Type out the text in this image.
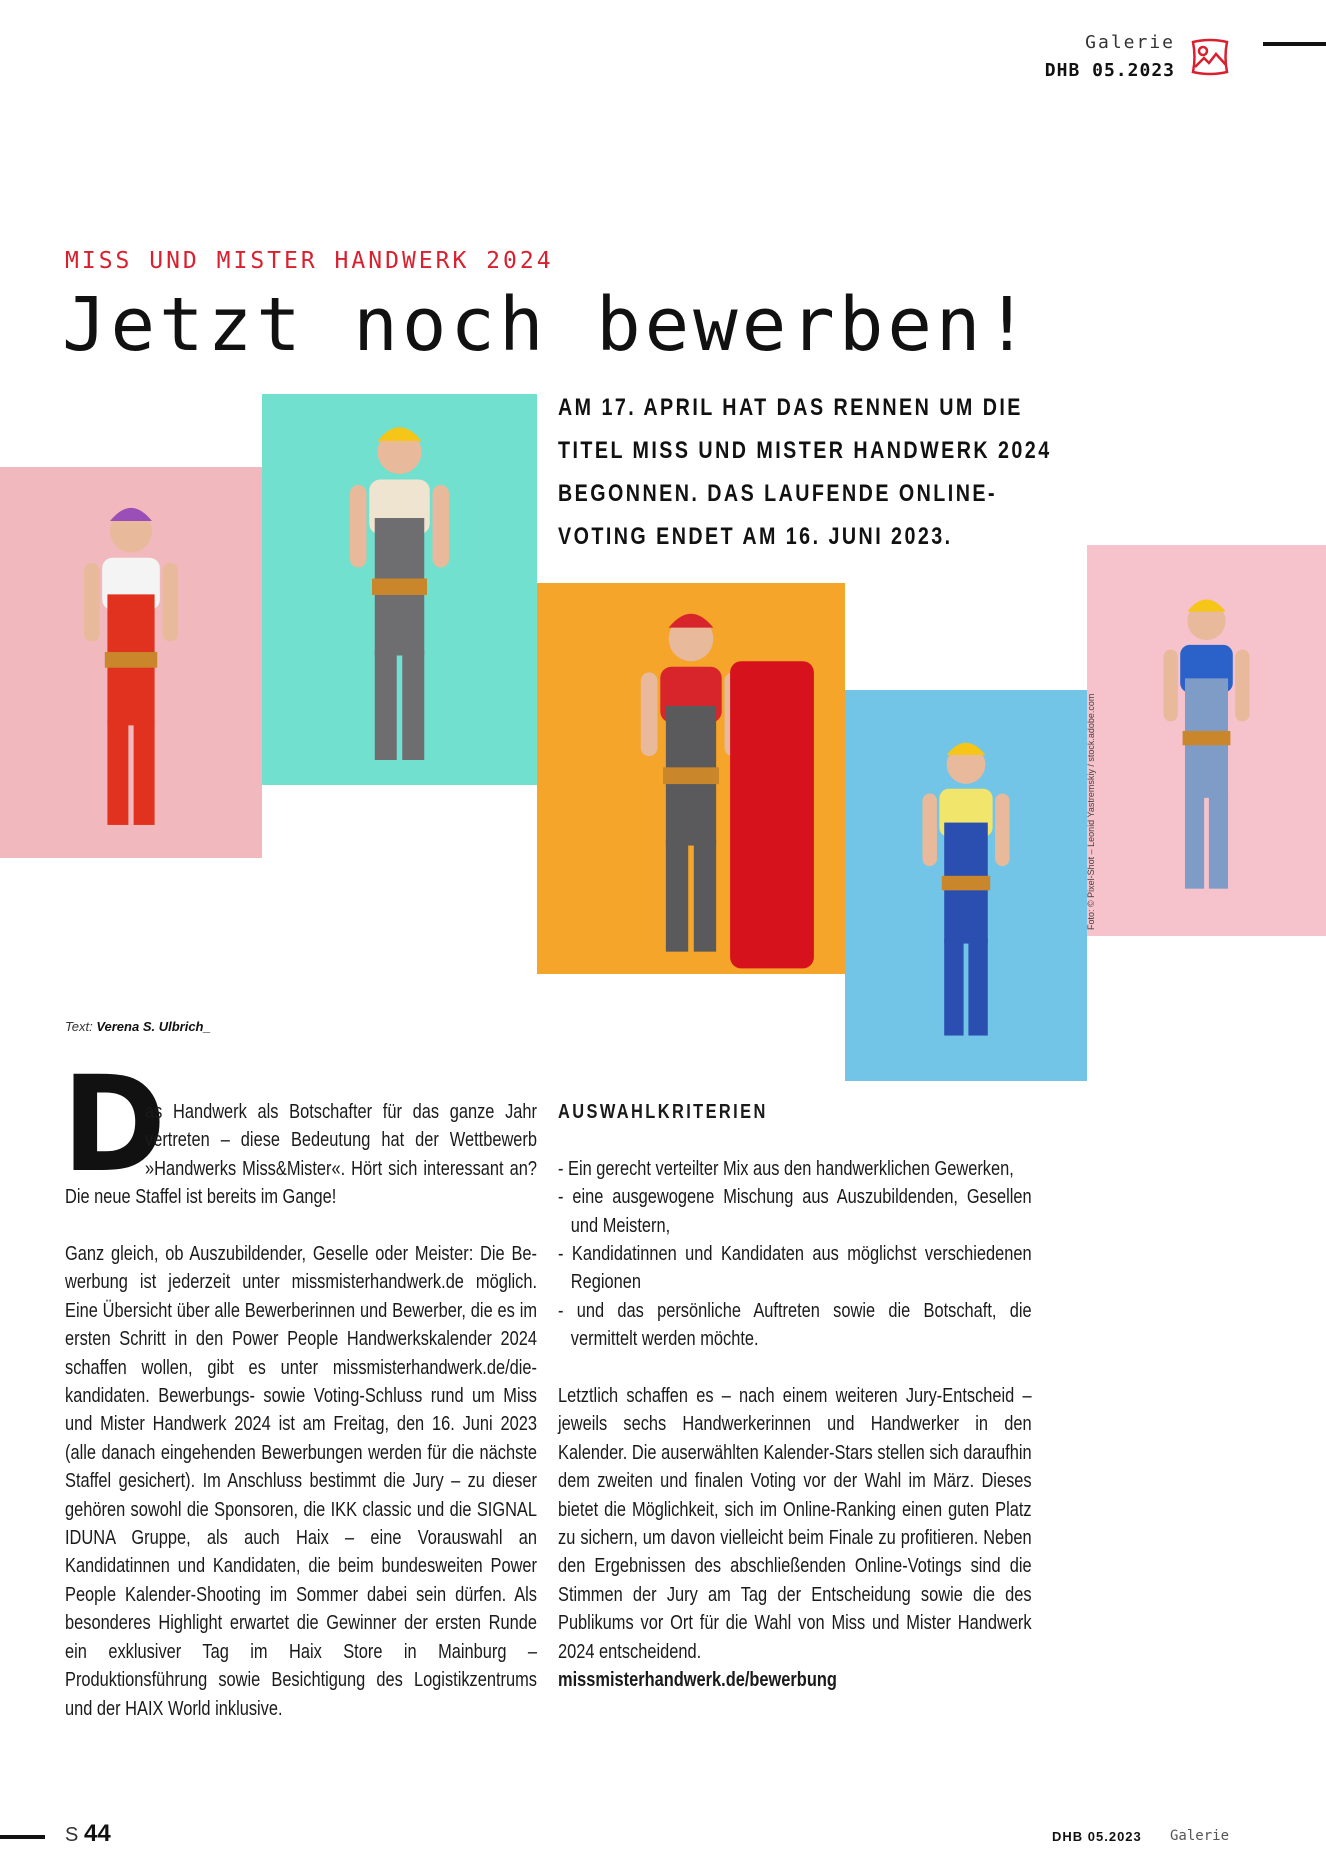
Galerie
DHB 05.2023
MISS UND MISTER HANDWERK 2024
Jetzt noch bewerben!
AM 17. APRIL HAT DAS RENNEN UM DIE TITEL MISS UND MISTER HANDWERK 2024 BEGONNEN. DAS LAUFENDE ONLINE-VOTING ENDET AM 16. JUNI 2023.
Foto: © Pixel-Shot – Leonid Yastremskiy / stock.adobe.com
Text: Verena S. Ulbrich_
D

as Handwerk als Botschafter für das ganze Jahr vertreten – diese Bedeutung hat der Wettbewerb »Handwerks Miss&Mister«. Hört sich interessant an? Die neue Staffel ist bereits im Gange!

Ganz gleich, ob Auszubildender, Geselle oder Meister: Die Bewerbung ist jederzeit unter missmisterhandwerk.de möglich. Eine Übersicht über alle Bewerberinnen und Bewerber, die es im ersten Schritt in den Power People Handwerkskalender 2024 schaffen wollen, gibt es unter missmisterhandwerk.de/die-kandidaten. Bewerbungs- sowie Voting-Schluss rund um Miss und Mister Handwerk 2024 ist am Freitag, den 16. Juni 2023 (alle danach eingehenden Bewerbungen werden für die nächste Staffel gesichert). Im Anschluss bestimmt die Jury – zu dieser gehören sowohl die Sponsoren, die IKK classic und die SIGNAL IDUNA Gruppe, als auch Haix – eine Vorauswahl an Kandidatinnen und Kandidaten, die beim bundesweiten Power People Kalender-Shooting im Sommer dabei sein dürfen. Als besonderes Highlight erwartet die Gewinner der ersten Runde ein exklusiver Tag im Haix Store in Mainburg – Produktionsführung sowie Besichtigung des Logistikzentrums und der HAIX World inklusive.

AUSWAHLKRITERIEN

- Ein gerecht verteilter Mix aus den handwerklichen Gewerken,
- eine ausgewogene Mischung aus Auszubildenden, Gesellen und Meistern,
- Kandidatinnen und Kandidaten aus möglichst verschiedenen Regionen
- und das persönliche Auftreten sowie die Botschaft, die vermittelt werden möchte.

Letztlich schaffen es – nach einem weiteren Jury-Entscheid – jeweils sechs Handwerkerinnen und Handwerker in den Kalender. Die auserwählten Kalender-Stars stellen sich daraufhin dem zweiten und finalen Voting vor der Wahl im März. Dieses bietet die Möglichkeit, sich im Online-Ranking einen guten Platz zu sichern, um davon vielleicht beim Finale zu profitieren. Neben den Ergebnissen des abschließenden Online-Votings sind die Stimmen der Jury am Tag der Entscheidung sowie die des Publikums vor Ort für die Wahl von Miss und Mister Handwerk 2024 entscheidend.

missmisterhandwerk.de/bewerbung
S 44	DHB 05.2023 Galerie
